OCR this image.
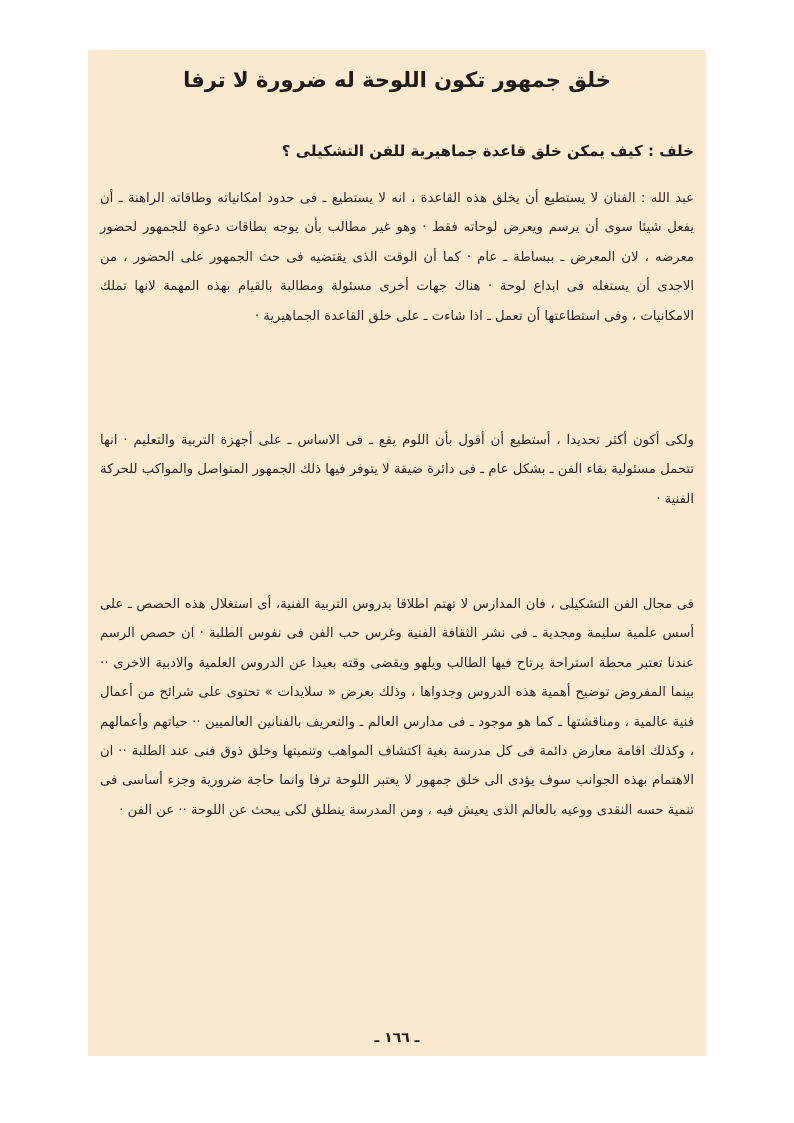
خلق جمهور تكون اللوحة له ضرورة لا ترفا
خلف : كيف يمكن خلق قاعدة جماهيرية للفن التشكيلى ؟

عبد الله : الفنان لا يستطيع أن يخلق هذه القاعدة ، انه لا يستطيع ـ فى حدود امكانياته وطاقاته الراهنة ـ أن يفعل شيئا سوى أن يرسم ويعرض لوحاته فقط · وهو غير مطالب بأن يوجه بطاقات دعوة للجمهور لحضور معرضه ، لان المعرض ـ ببساطة ـ عام · كما أن الوقت الذى يقتضيه فى حث الجمهور على الحضور ، من الاجدى أن يستغله فى ابداع لوحة · هناك جهات أخرى مسئولة ومطالبة بالقيام بهذه المهمة لانها تملك الامكانيات ، وفى استطاعتها أن تعمل ـ اذا شاءت ـ على خلق القاعدة الجماهيرية ·

ولكى أكون أكثر تحديدا ، أستطيع أن أقول بأن اللوم يقع ـ فى الاساس ـ على أجهزة التربية والتعليم · انها تتحمل مسئولية بقاء الفن ـ بشكل عام ـ فى دائرة ضيقة لا يتوفر فيها ذلك الجمهور المتواصل والمواكب للحركة الفنية ·

فى مجال الفن التشكيلى ، فان المدارس لا تهتم اطلاقا بدروس التربية الفنية، أى استغلال هذه الحصص ـ على أسس علمية سليمة ومجدية ـ فى نشر الثقافة الفنية وغرس حب الفن فى نفوس الطلبة · ان حصص الرسم عندنا تعتبر محطة استراحة يرتاح فيها الطالب ويلهو ويقضى وقته بعيدا عن الدروس العلمية والادبية الاخرى ·· بينما المفروض توضيح أهمية هذه الدروس وجدواها ، وذلك بعرض « سلايدات » تحتوى على شرائح من أعمال فنية عالمية ، ومناقشتها ـ كما هو موجود ـ فى مدارس العالم ـ والتعريف بالفنانين العالميين ·· حياتهم وأعمالهم ، وكذلك اقامة معارض دائمة فى كل مدرسة بغية اكتشاف المواهب وتنميتها وخلق ذوق فنى عند الطلبة ·· ان الاهتمام بهذه الجوانب سوف يؤدى الى خلق جمهور لا يعتبر اللوحة ترفا وانما حاجة ضرورية وجزء أساسى فى تنمية حسه النقدى ووعيه بالعالم الذى يعيش فيه ، ومن المدرسة ينطلق لكى يبحث عن اللوحة ·· عن الفن ·

ـ ١٦٦ ـ
